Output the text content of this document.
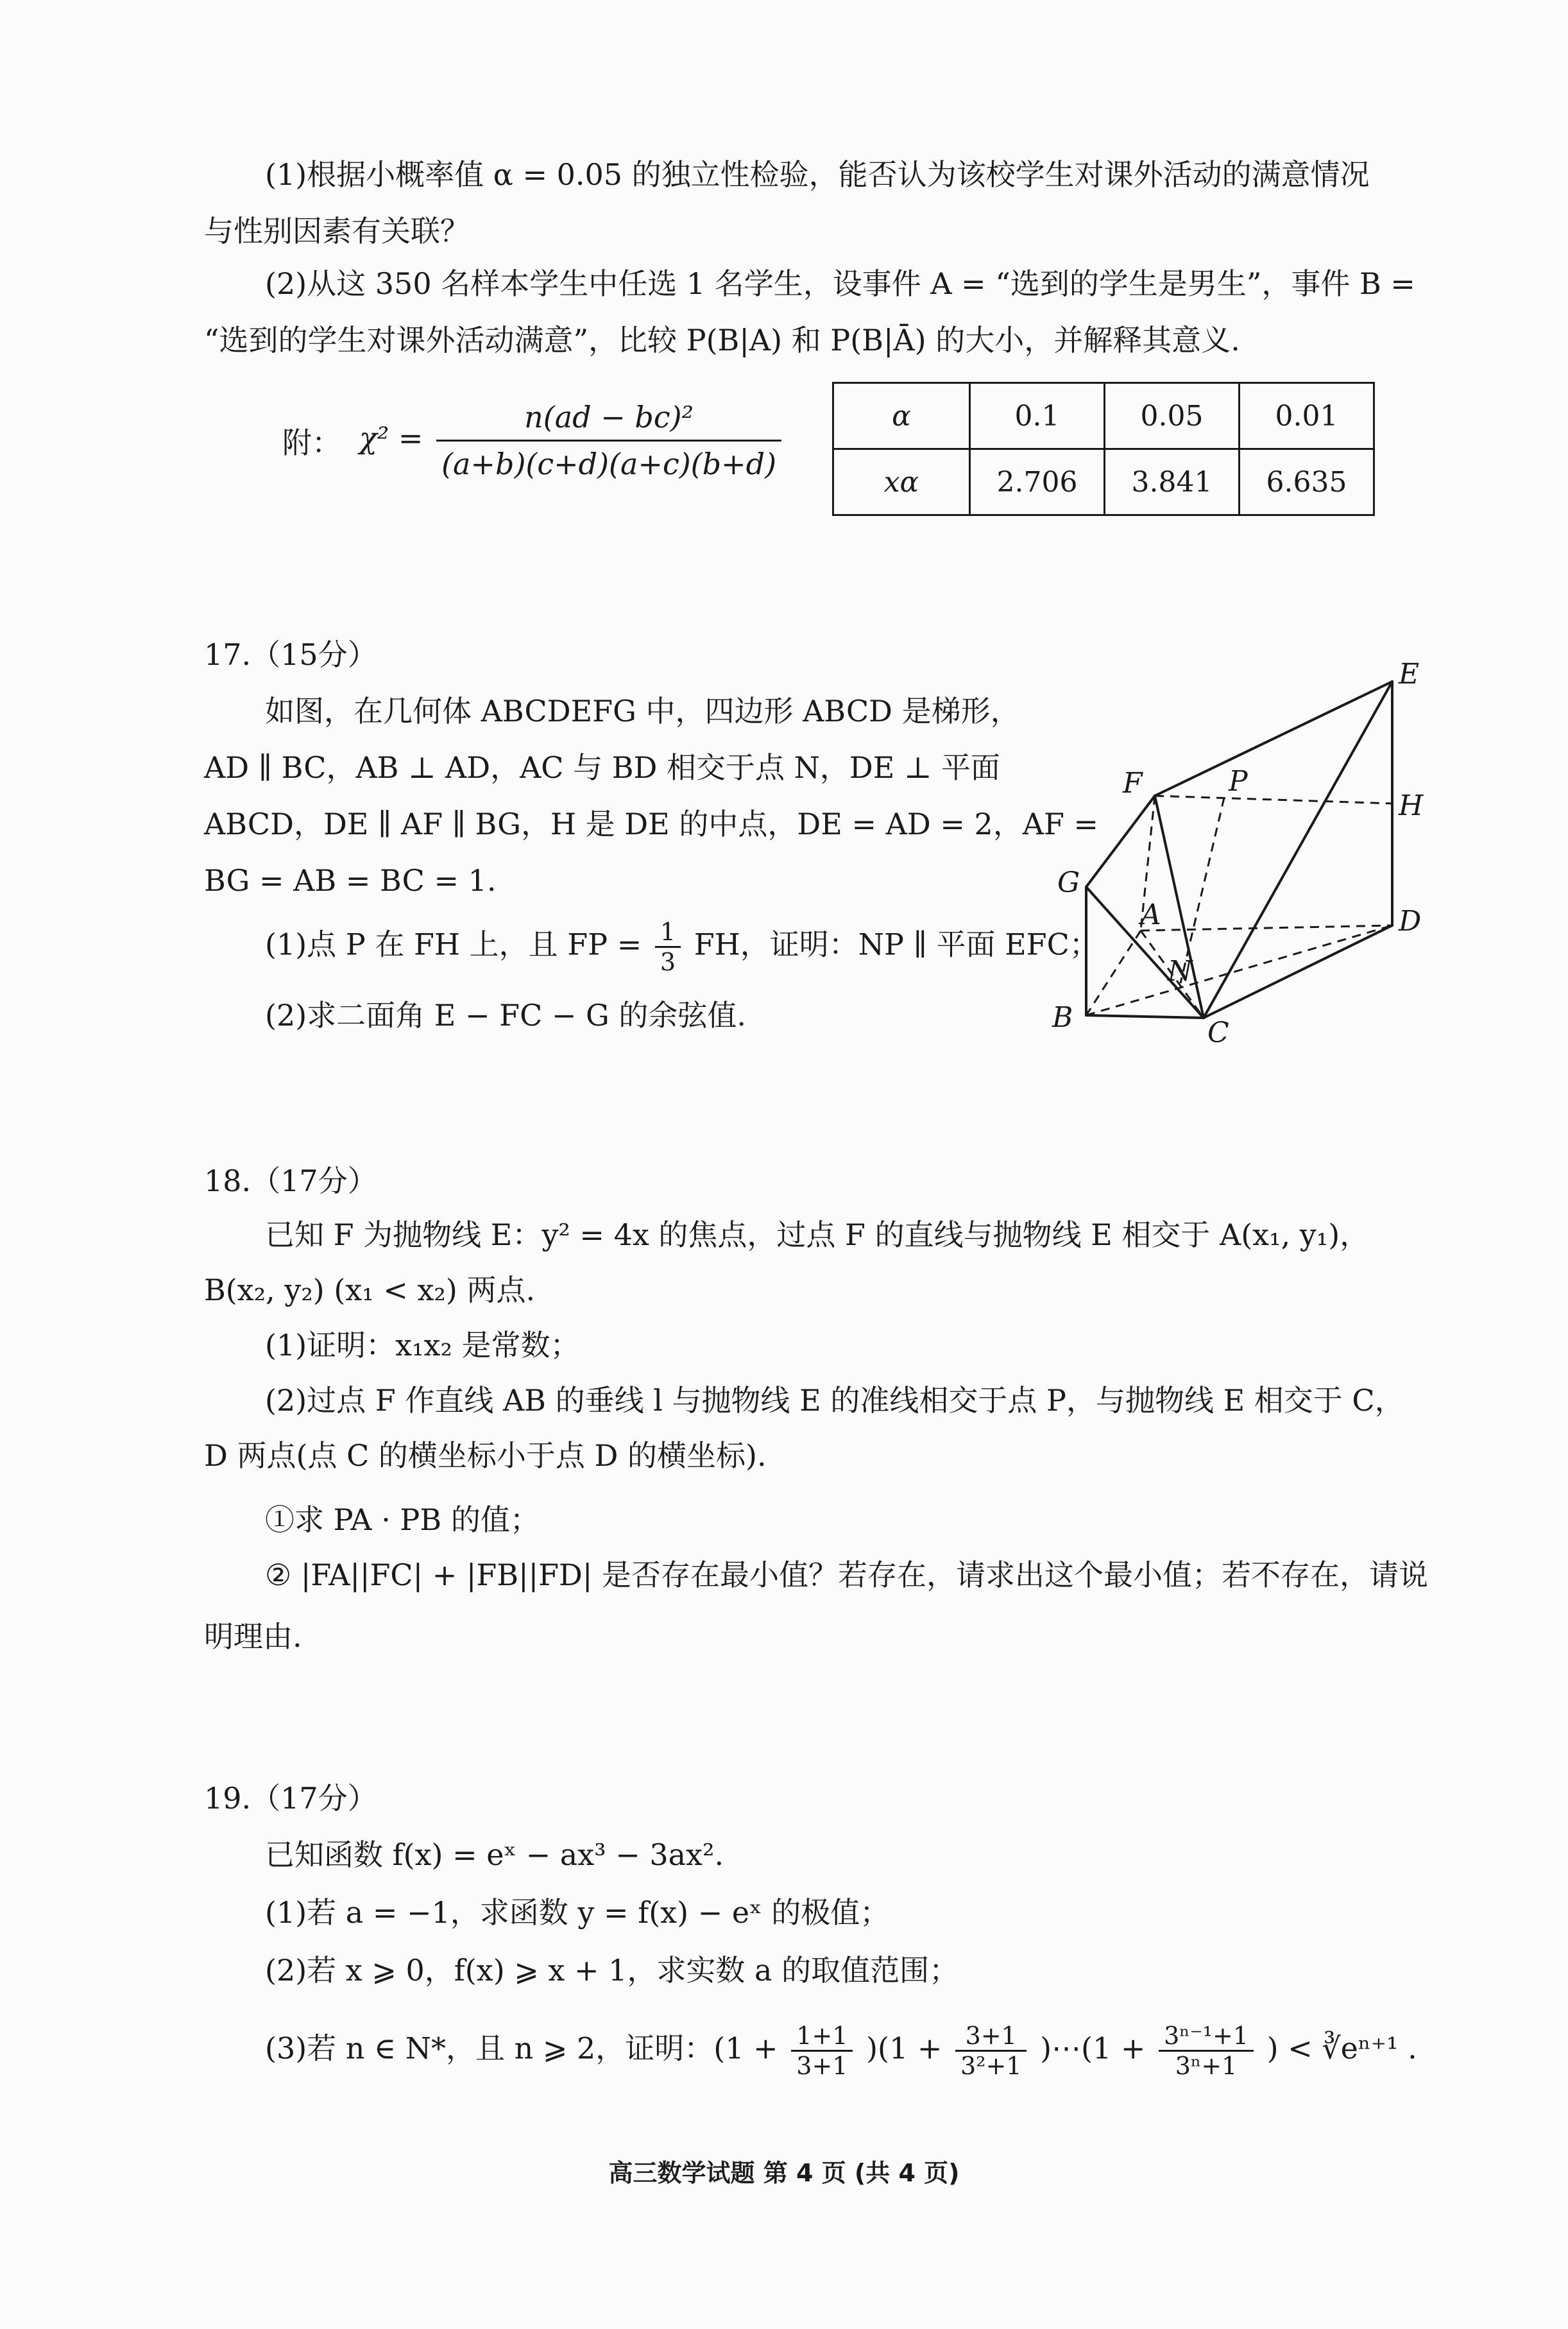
(1)根据小概率值 α = 0.05 的独立性检验，能否认为该校学生对课外活动的满意情况
与性别因素有关联？
(2)从这 350 名样本学生中任选 1 名学生，设事件 A = “选到的学生是男生”，事件 B =
“选到的学生对课外活动满意”，比较 P(B|A) 和 P(B|Ā) 的大小，并解释其意义.
附： $\chi^2 = \frac{\text{n(ad − bc)²}}{(a+b)(c+d)(a+c)(b+d)}$	α	0.1	0.05	0.01
xα	2.706	3.841	6.635
17.（15分）
如图，在几何体 ABCDEFG 中，四边形 ABCD 是梯形，
AD ∥ BC，AB ⊥ AD，AC 与 BD 相交于点 N，DE ⊥ 平面
ABCD，DE ∥ AF ∥ BG，H 是 DE 的中点，DE = AD = 2，AF =
BG = AB = BC = 1.
(1)点 P 在 FH 上，且 FP = $\frac{1}{3}$ FH，证明：NP ∥ 平面 EFC；
(2)求二面角 E − FC − G 的余弦值.
E
F	P
H
G
A	D
N
B	C
18.（17分）
已知 F 为抛物线 E：y² = 4x 的焦点，过点 F 的直线与抛物线 E 相交于 A(x₁, y₁)，
B(x₂, y₂) (x₁ < x₂) 两点.
(1)证明：x₁x₂ 是常数；
(2)过点 F 作直线 AB 的垂线 l 与抛物线 E 的准线相交于点 P，与抛物线 E 相交于 C，
D 两点(点 C 的横坐标小于点 D 的横坐标).
①求 PA · PB 的值；
② |FA||FC| + |FB||FD| 是否存在最小值？若存在，请求出这个最小值；若不存在，请说
明理由.
19.（17分）
已知函数 f(x) = eˣ − ax³ − 3ax².
(1)若 a = −1，求函数 y = f(x) − eˣ 的极值；
(2)若 x ⩾ 0，f(x) ⩾ x + 1，求实数 a 的取值范围；
(3)若 n ∈ N*，且 n ⩾ 2，证明：$(1 + \frac{1+1}{3+1} )(1 + \frac{3+1}{\text{3²+1}}$ )⋯(1 + $\frac{\text{3ⁿ⁻¹+1}}{\text{3ⁿ+1}}$ ) < ∛eⁿ⁺¹ .
高三数学试题 第 4 页 (共 4 页)
